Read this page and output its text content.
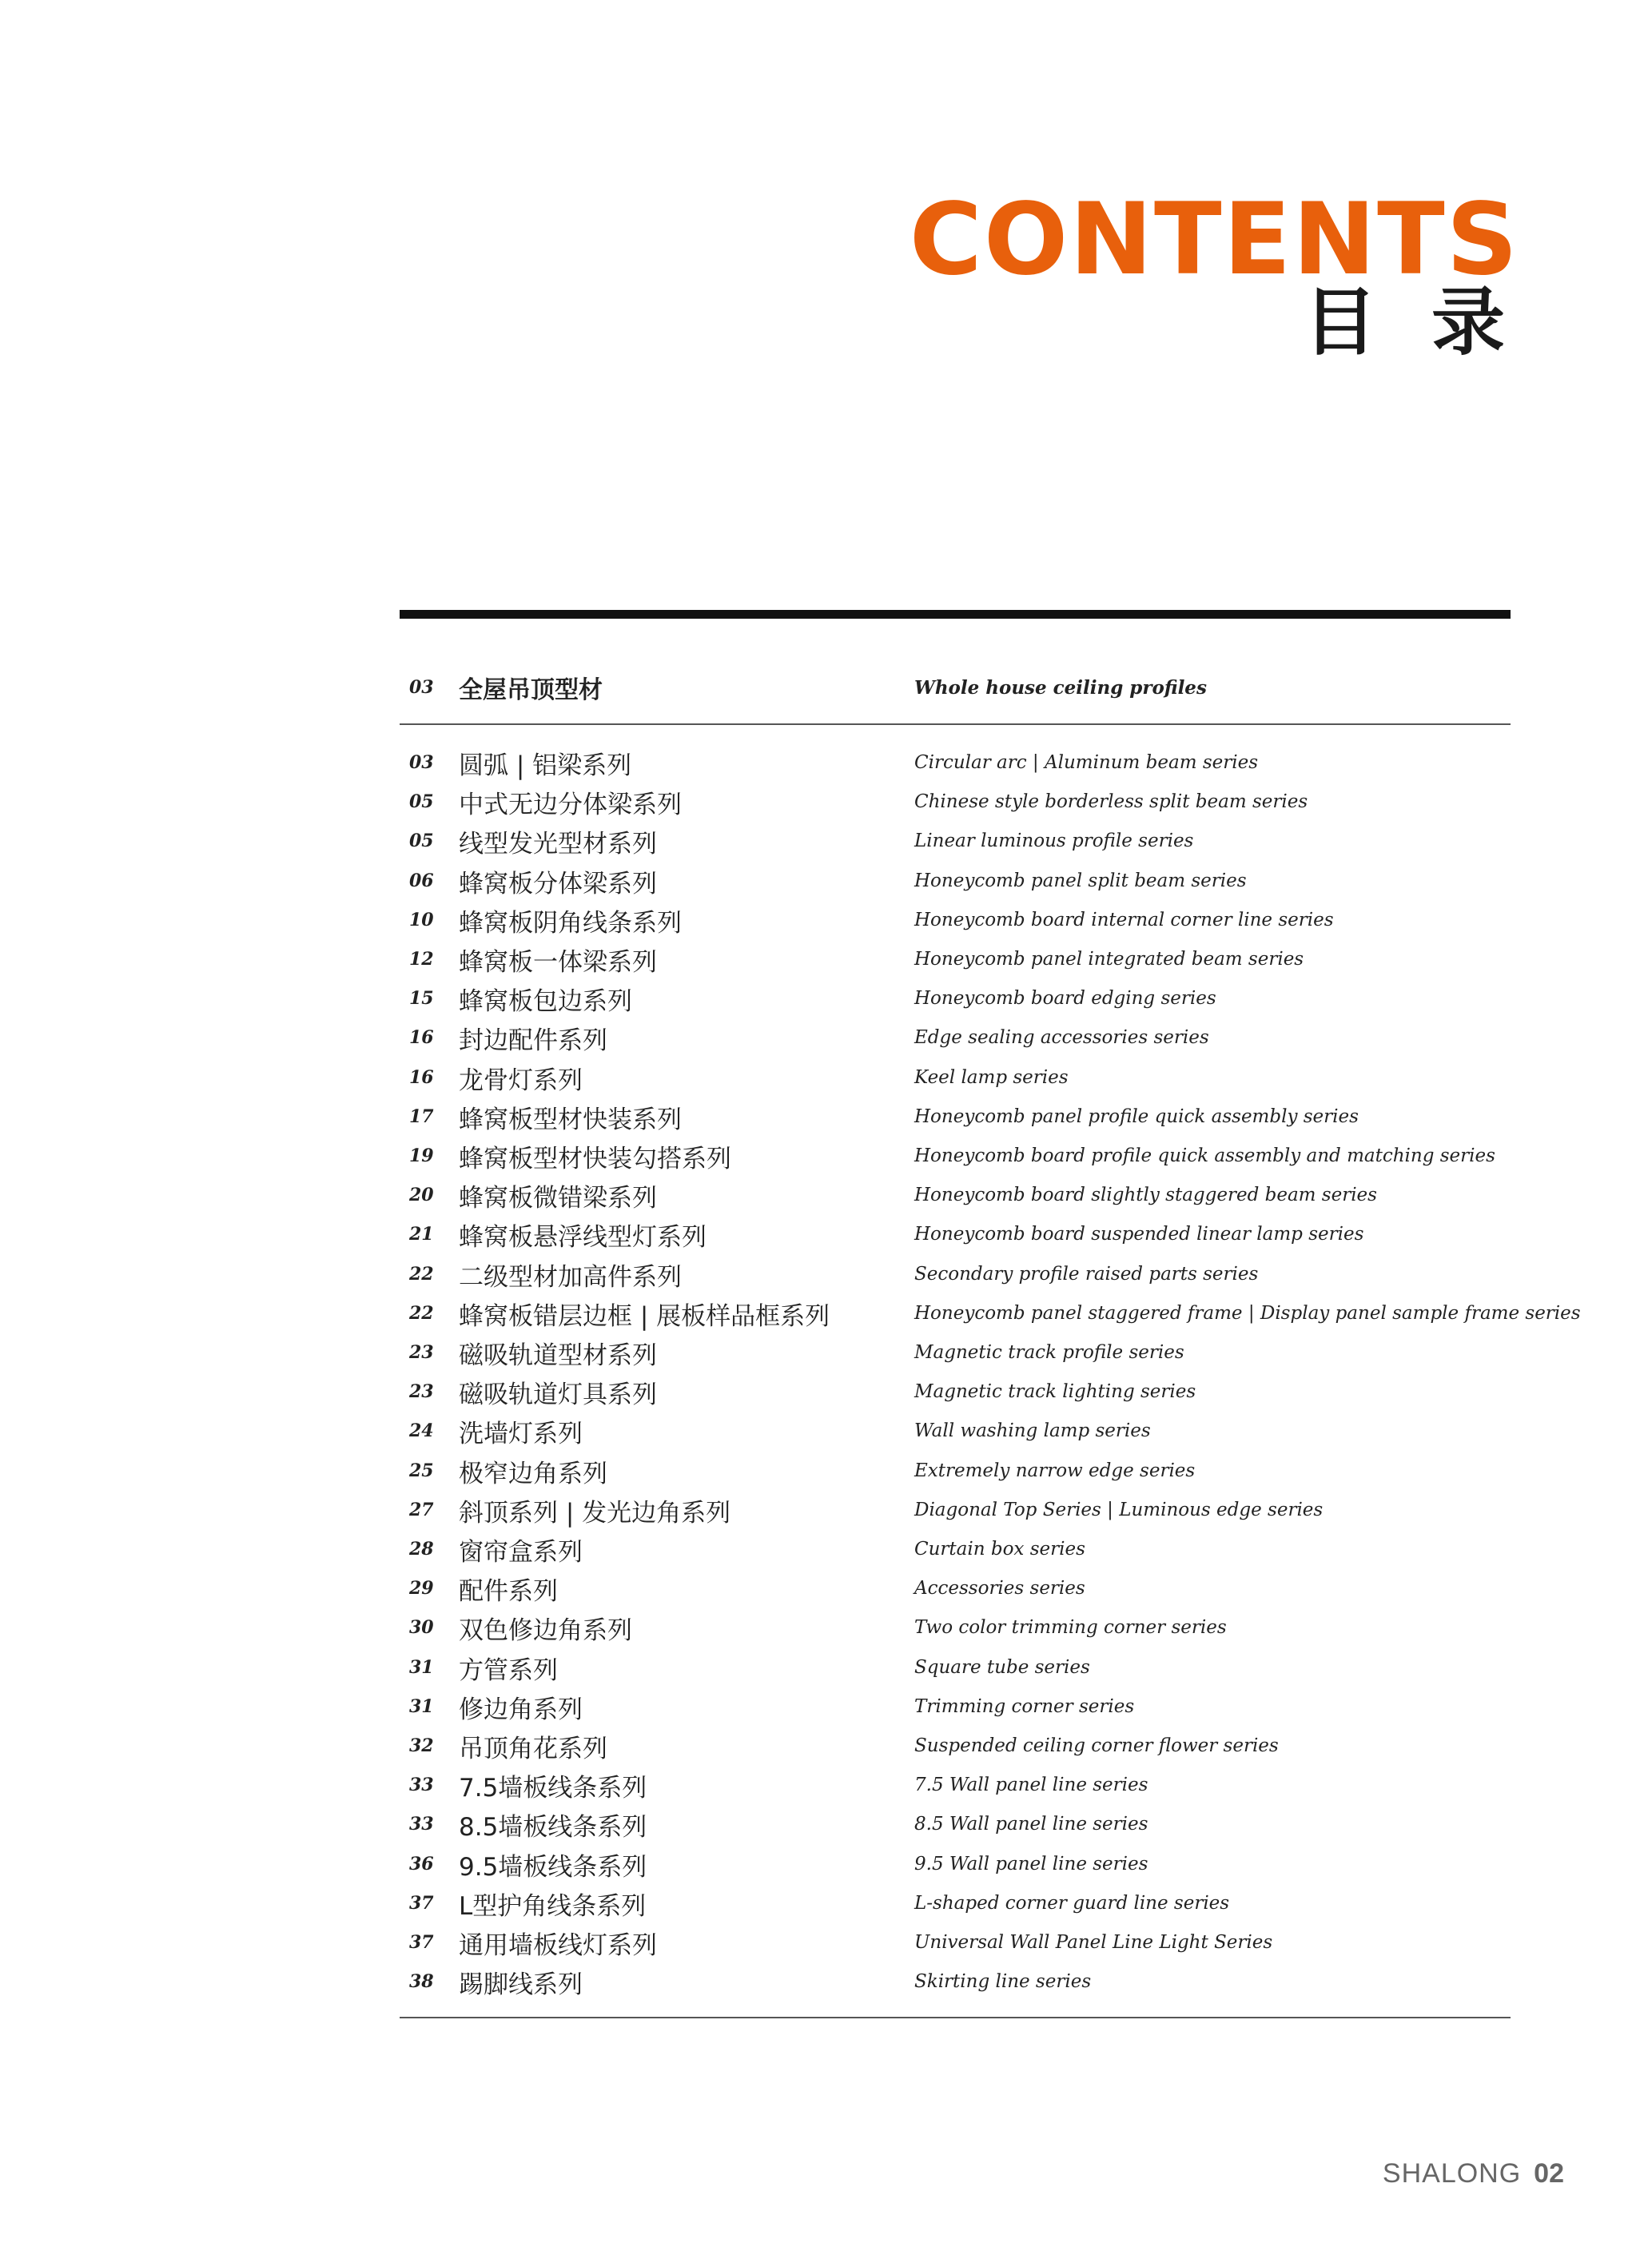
CONTENTS
目 录
03	全屋吊顶型材	Whole house ceiling profiles
03	圆弧 | 铝梁系列	Circular arc | Aluminum beam series
05	中式无边分体梁系列	Chinese style borderless split beam series
05	线型发光型材系列	Linear luminous profile series
06	蜂窝板分体梁系列	Honeycomb panel split beam series
10	蜂窝板阴角线条系列	Honeycomb board internal corner line series
12	蜂窝板一体梁系列	Honeycomb panel integrated beam series
15	蜂窝板包边系列	Honeycomb board edging series
16	封边配件系列	Edge sealing accessories series
16	龙骨灯系列	Keel lamp series
17	蜂窝板型材快装系列	Honeycomb panel profile quick assembly series
19	蜂窝板型材快装勾搭系列	Honeycomb board profile quick assembly and matching series
20	蜂窝板微错梁系列	Honeycomb board slightly staggered beam series
21	蜂窝板悬浮线型灯系列	Honeycomb board suspended linear lamp series
22	二级型材加高件系列	Secondary profile raised parts series
22	蜂窝板错层边框 | 展板样品框系列	Honeycomb panel staggered frame | Display panel sample frame series
23	磁吸轨道型材系列	Magnetic track profile series
23	磁吸轨道灯具系列	Magnetic track lighting series
24	洗墙灯系列	Wall washing lamp series
25	极窄边角系列	Extremely narrow edge series
27	斜顶系列 | 发光边角系列	Diagonal Top Series | Luminous edge series
28	窗帘盒系列	Curtain box series
29	配件系列	Accessories series
30	双色修边角系列	Two color trimming corner series
31	方管系列	Square tube series
31	修边角系列	Trimming corner series
32	吊顶角花系列	Suspended ceiling corner flower series
33	7.5墙板线条系列	7.5 Wall panel line series
33	8.5墙板线条系列	8.5 Wall panel line series
36	9.5墙板线条系列	9.5 Wall panel line series
37	L型护角线条系列	L-shaped corner guard line series
37	通用墙板线灯系列	Universal Wall Panel Line Light Series
38	踢脚线系列	Skirting line series
SHALONG 02
